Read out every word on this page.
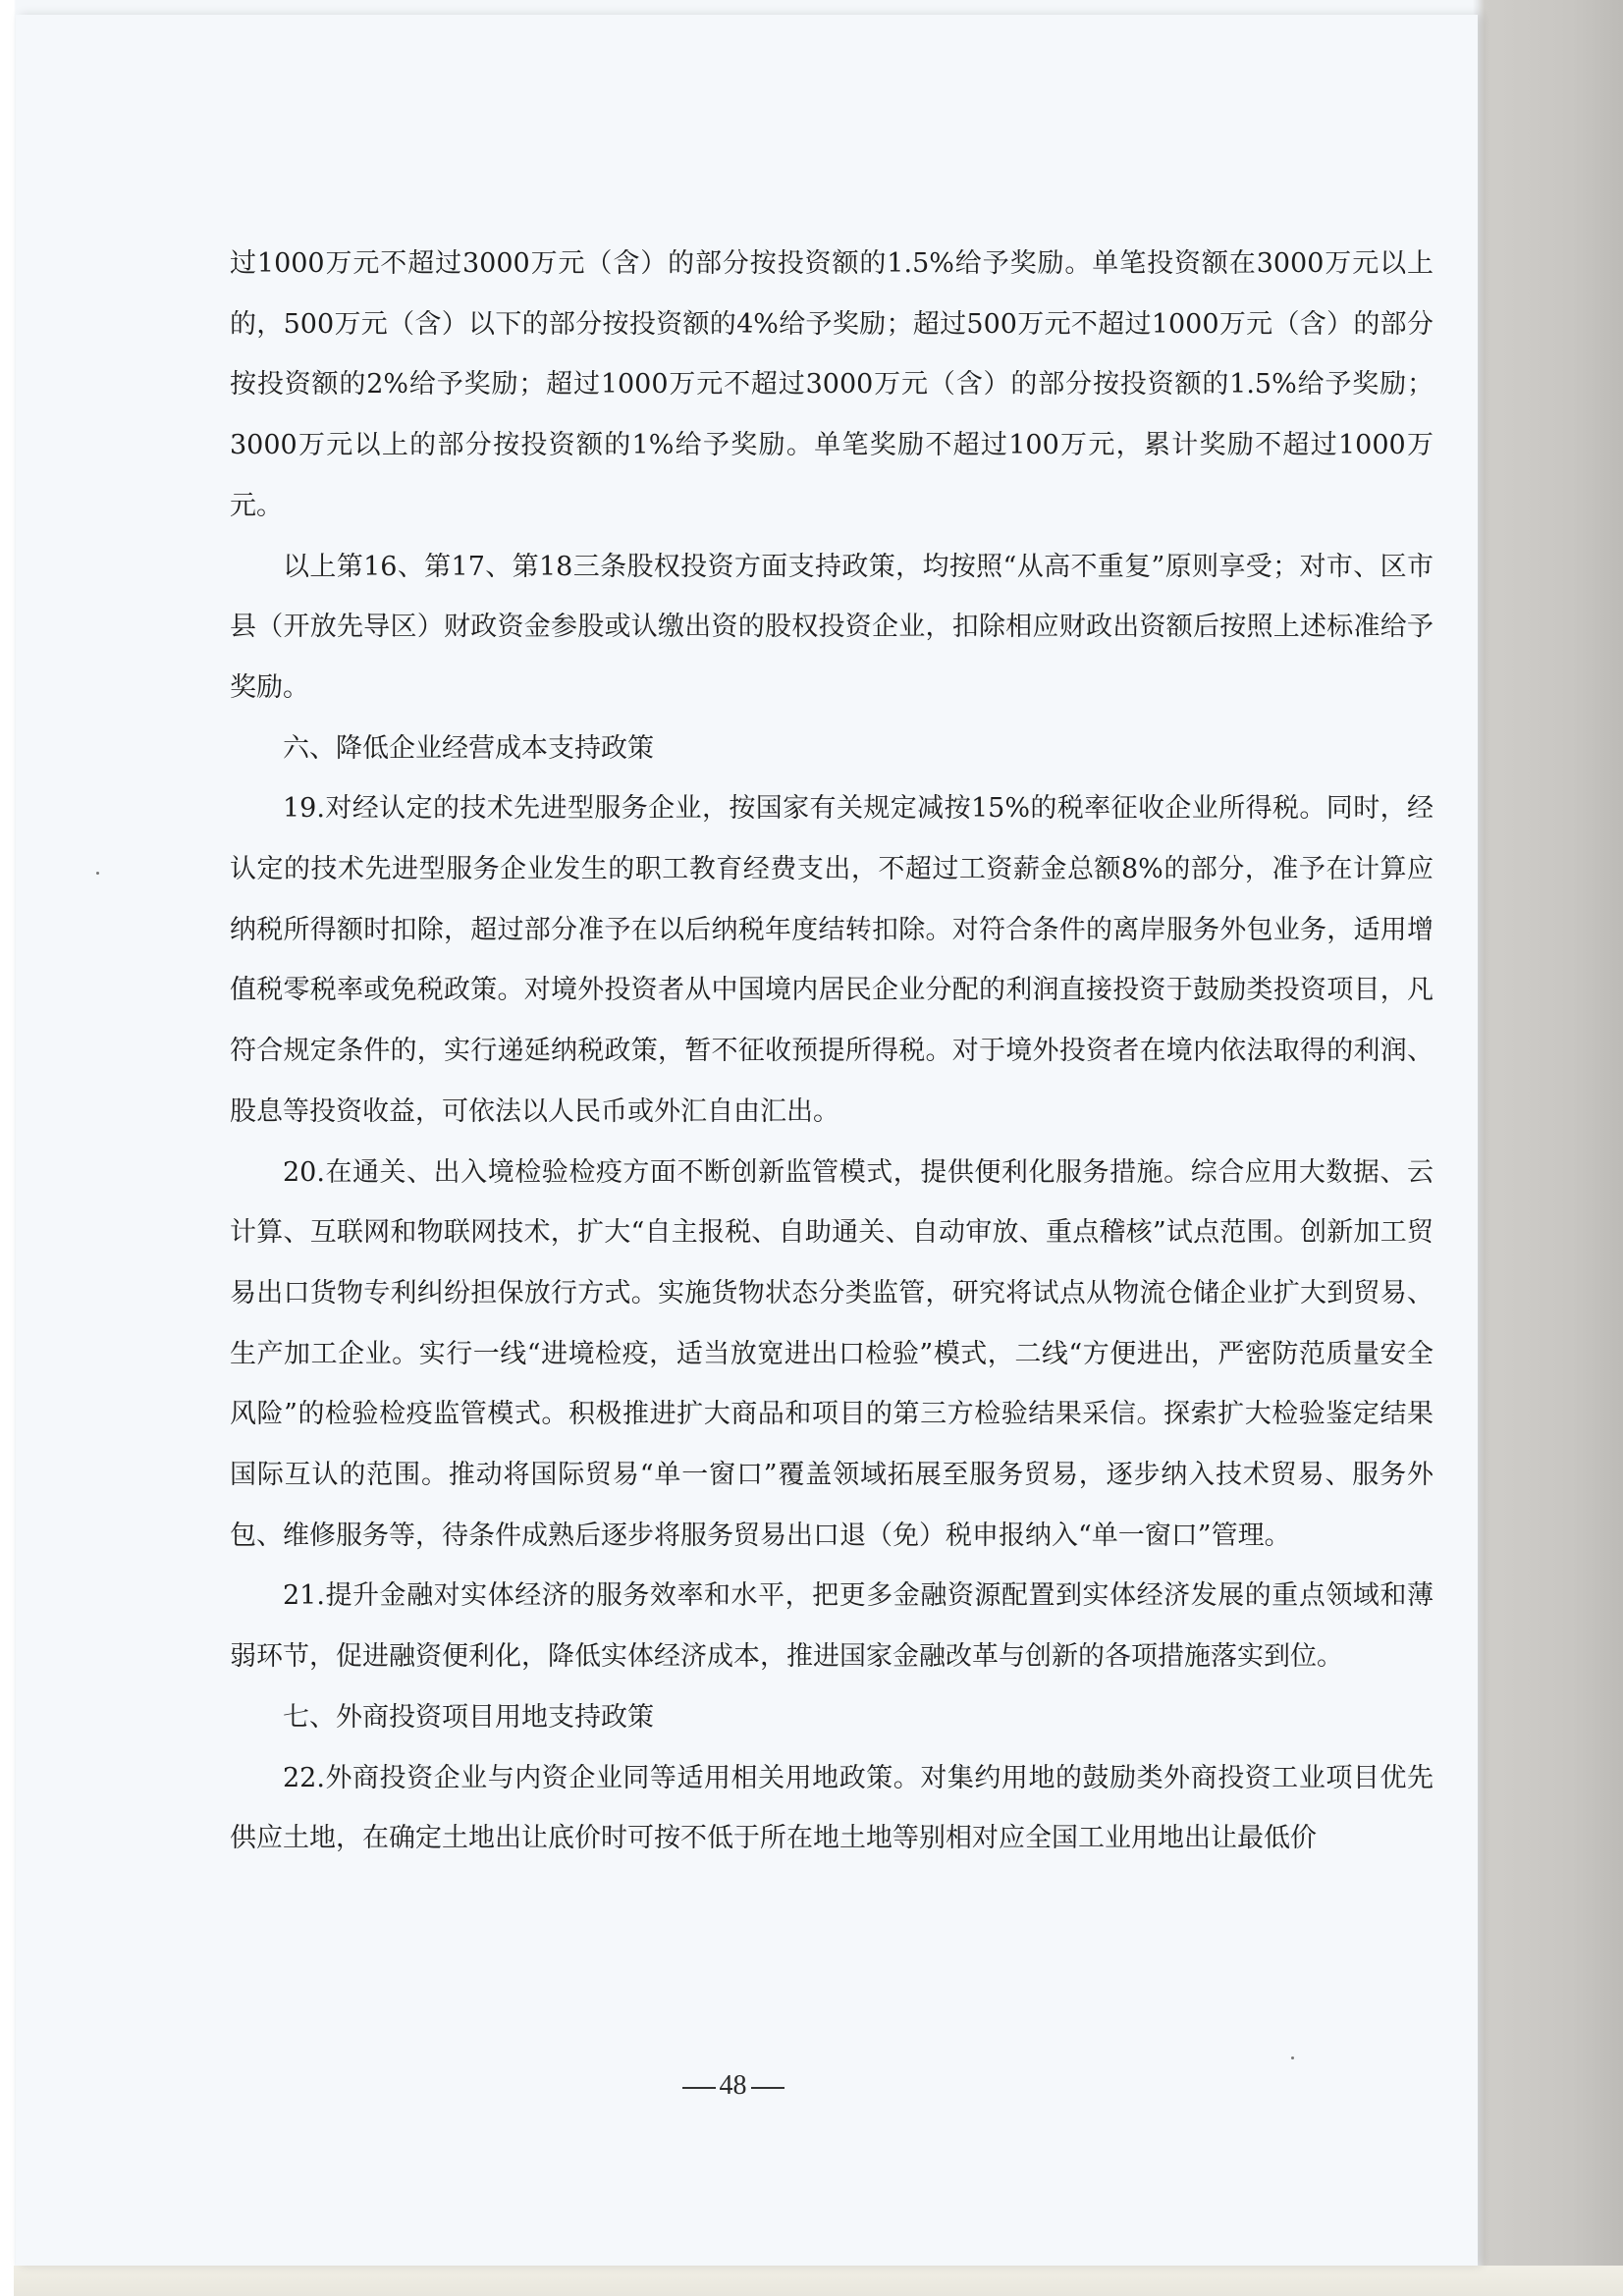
过1000万元不超过3000万元（含）的部分按投资额的1.5%给予奖励。单笔投资额在3000万元以上的，500万元（含）以下的部分按投资额的4%给予奖励；超过500万元不超过1000万元（含）的部分按投资额的2%给予奖励；超过1000万元不超过3000万元（含）的部分按投资额的1.5%给予奖励；3000万元以上的部分按投资额的1%给予奖励。单笔奖励不超过100万元，累计奖励不超过1000万元。

以上第16、第17、第18三条股权投资方面支持政策，均按照“从高不重复”原则享受；对市、区市县（开放先导区）财政资金参股或认缴出资的股权投资企业，扣除相应财政出资额后按照上述标准给予奖励。

六、降低企业经营成本支持政策

19.对经认定的技术先进型服务企业，按国家有关规定减按15%的税率征收企业所得税。同时，经认定的技术先进型服务企业发生的职工教育经费支出，不超过工资薪金总额8%的部分，准予在计算应纳税所得额时扣除，超过部分准予在以后纳税年度结转扣除。对符合条件的离岸服务外包业务，适用增值税零税率或免税政策。对境外投资者从中国境内居民企业分配的利润直接投资于鼓励类投资项目，凡符合规定条件的，实行递延纳税政策，暂不征收预提所得税。对于境外投资者在境内依法取得的利润、股息等投资收益，可依法以人民币或外汇自由汇出。

20.在通关、出入境检验检疫方面不断创新监管模式，提供便利化服务措施。综合应用大数据、云计算、互联网和物联网技术，扩大“自主报税、自助通关、自动审放、重点稽核”试点范围。创新加工贸易出口货物专利纠纷担保放行方式。实施货物状态分类监管，研究将试点从物流仓储企业扩大到贸易、生产加工企业。实行一线“进境检疫，适当放宽进出口检验”模式，二线“方便进出，严密防范质量安全风险”的检验检疫监管模式。积极推进扩大商品和项目的第三方检验结果采信。探索扩大检验鉴定结果国际互认的范围。推动将国际贸易“单一窗口”覆盖领域拓展至服务贸易，逐步纳入技术贸易、服务外包、维修服务等，待条件成熟后逐步将服务贸易出口退（免）税申报纳入“单一窗口”管理。

21.提升金融对实体经济的服务效率和水平，把更多金融资源配置到实体经济发展的重点领域和薄弱环节，促进融资便利化，降低实体经济成本，推进国家金融改革与创新的各项措施落实到位。

七、外商投资项目用地支持政策

22.外商投资企业与内资企业同等适用相关用地政策。对集约用地的鼓励类外商投资工业项目优先供应土地，在确定土地出让底价时可按不低于所在地土地等别相对应全国工业用地出让最低价

48
